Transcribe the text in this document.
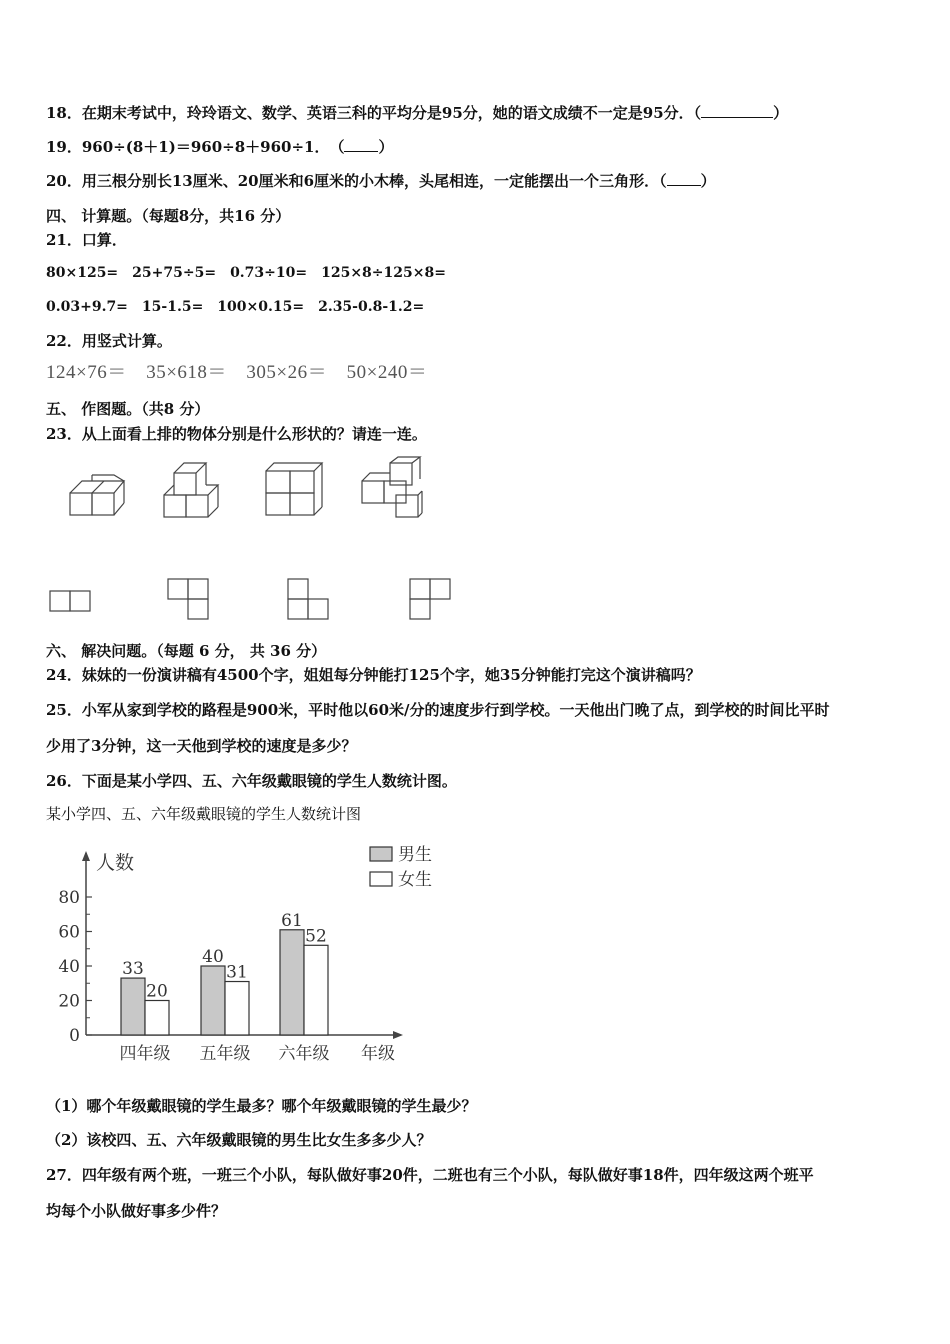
18．在期末考试中，玲玲语文、数学、英语三科的平均分是95分，她的语文成绩不一定是95分．（	）
19．960÷(8＋1)＝960÷8＋960÷1．　（ ）
20．用三根分别长13厘米、20厘米和6厘米的小木棒，头尾相连，一定能摆出一个三角形．（ ）
四、 计算题。（每题8分，共16 分）
21．口算．
80×125=　25+75÷5=　0.73÷10=　125×8÷125×8=
0.03+9.7=　15-1.5=　100×0.15=　2.35-0.8-1.2=
22．用竖式计算。
124×76＝　35×618＝　305×26＝　50×240＝
五、 作图题。（共8 分）
23．从上面看上排的物体分别是什么形状的？请连一连。
六、 解决问题。（每题 6 分， 共 36 分）
24．妹妹的一份演讲稿有4500个字，姐姐每分钟能打125个字，她35分钟能打完这个演讲稿吗？
25．小军从家到学校的路程是900米，平时他以60米/分的速度步行到学校。一天他出门晚了点，到学校的时间比平时
少用了3分钟，这一天他到学校的速度是多少？
26．下面是某小学四、五、六年级戴眼镜的学生人数统计图。
某小学四、五、六年级戴眼镜的学生人数统计图
人数
年级
0
20
40
60
80
33
20
四年级
40
31
五年级
61
52
六年级
男生
女生
（1）哪个年级戴眼镜的学生最多？哪个年级戴眼镜的学生最少？
（2）该校四、五、六年级戴眼镜的男生比女生多多少人？
27．四年级有两个班，一班三个小队，每队做好事20件，二班也有三个小队，每队做好事18件，四年级这两个班平
均每个小队做好事多少件？
